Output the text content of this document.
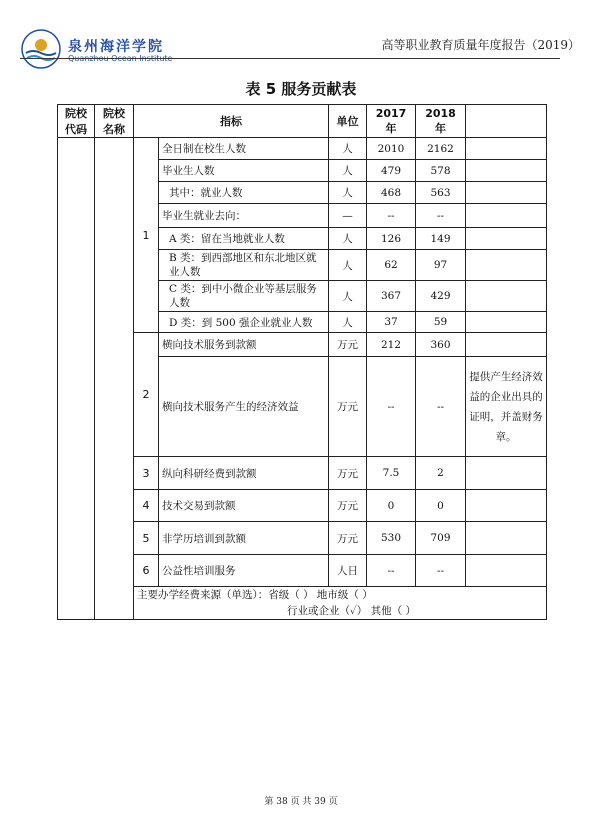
泉州海洋学院
Quanzhou Ocean Institute
高等职业教育质量年度报告（2019）
表 5 服务贡献表
院校代码	院校名称	指标		单位	2017 年	2018 年	
		1	全日制在校生人数	人	2010	2162	
			毕业生人数	人	479	578	
			其中：就业人数	人	468	563	
			毕业生就业去向：	—	--	--	
			A 类：留在当地就业人数	人	126	149	
			B 类：到西部地区和东北地区就业人数	人	62	97	
			C 类：到中小微企业等基层服务人数	人	367	429	
			D 类：到 500 强企业就业人数	人	37	59	
		2	横向技术服务到款额	万元	212	360	
			横向技术服务产生的经济效益	万元	--	--	提供产生经济效益的企业出具的证明，并盖财务章。
		3	纵向科研经费到款额	万元	7.5	2	
		4	技术交易到款额	万元	0	0	
		5	非学历培训到款额	万元	530	709	
		6	公益性培训服务	人日	--	--	

		主要办学经费来源（单选）：省级（ ） 地市级（ ）
行业或企业（✓） 其他（ ）					
第 38 页 共 39 页
